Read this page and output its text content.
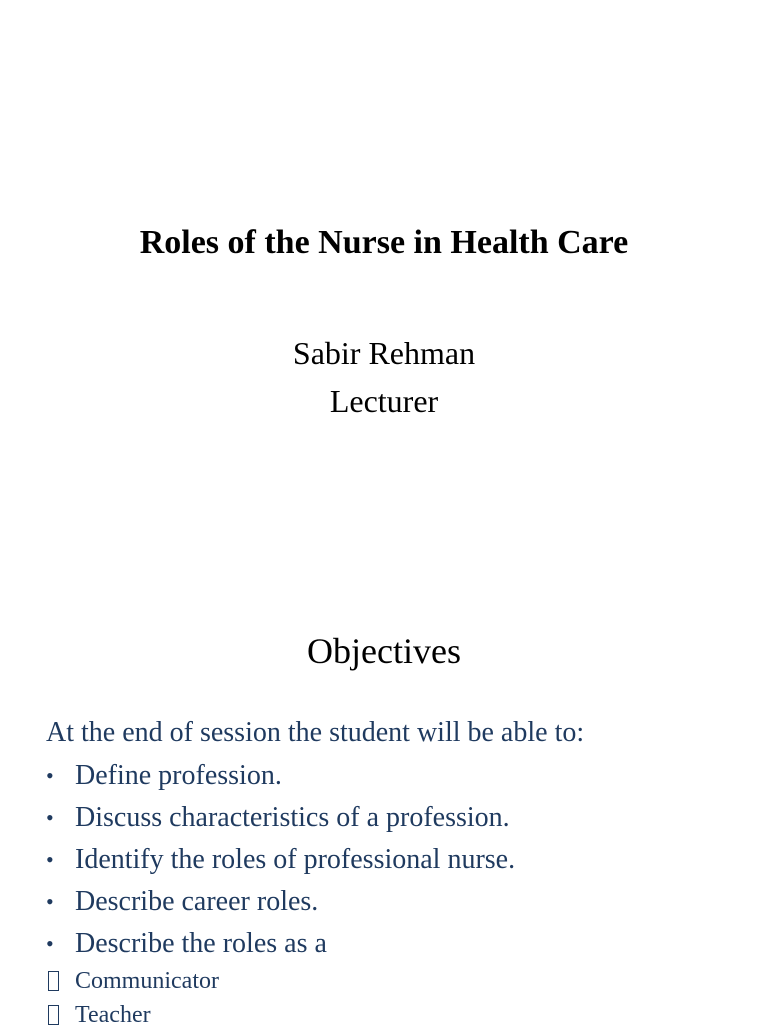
Roles of the Nurse in Health Care
Sabir Rehman
Lecturer
Objectives
At the end of session the student will be able to:
• Define profession.
• Discuss characteristics of a profession.
• Identify the roles of professional nurse.
• Describe career roles.
• Describe the roles as a
Communicator
Teacher
